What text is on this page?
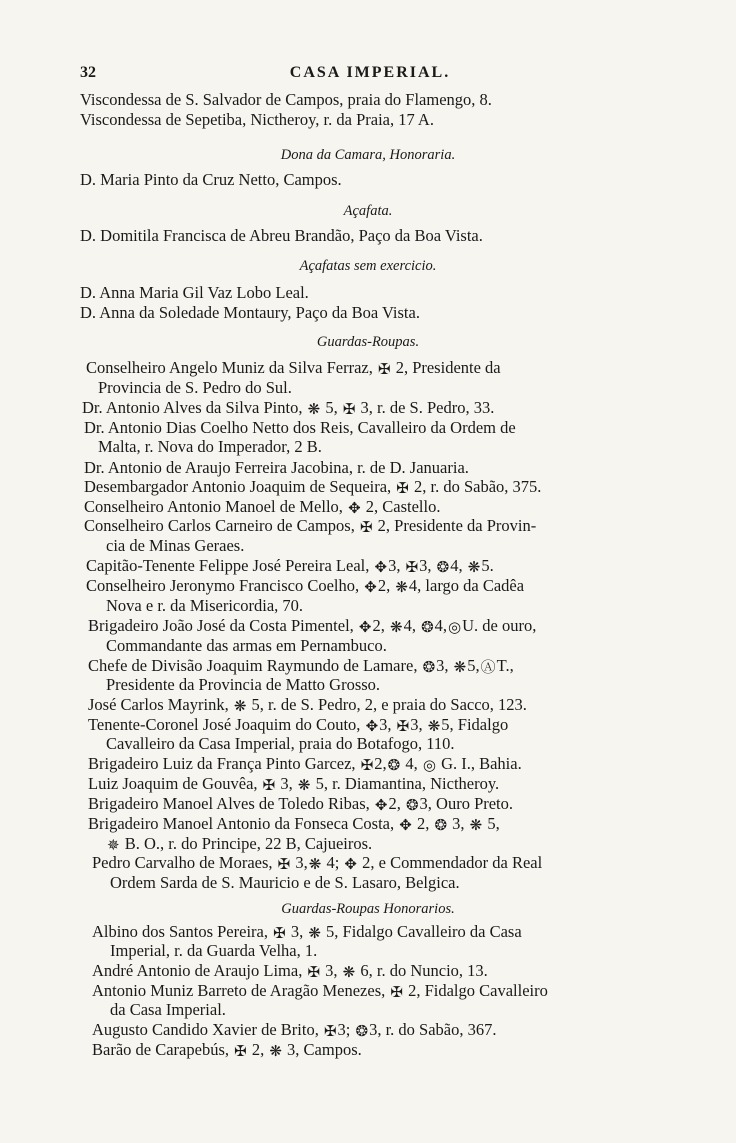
32	CASA IMPERIAL.
Viscondessa de S. Salvador de Campos, praia do Flamengo, 8.
Viscondessa de Sepetiba, Nictheroy, r. da Praia, 17 A.
Dona da Camara, Honoraria.
D. Maria Pinto da Cruz Netto, Campos.
Açafata.
D. Domitila Francisca de Abreu Brandão, Paço da Boa Vista.
Açafatas sem exercicio.
D. Anna Maria Gil Vaz Lobo Leal.
D. Anna da Soledade Montaury, Paço da Boa Vista.
Guardas-Roupas.
Conselheiro Angelo Muniz da Silva Ferraz, ✠ 2, Presidente da
Provincia de S. Pedro do Sul.
Dr. Antonio Alves da Silva Pinto, ❋ 5, ✠ 3, r. de S. Pedro, 33.
Dr. Antonio Dias Coelho Netto dos Reis, Cavalleiro da Ordem de
Malta, r. Nova do Imperador, 2 B.
Dr. Antonio de Araujo Ferreira Jacobina, r. de D. Januaria.
Desembargador Antonio Joaquim de Sequeira, ✠ 2, r. do Sabão, 375.
Conselheiro Antonio Manoel de Mello, ✥ 2, Castello.
Conselheiro Carlos Carneiro de Campos, ✠ 2, Presidente da Provin-
cia de Minas Geraes.
Capitão-Tenente Felippe José Pereira Leal, ✥3, ✠3, ❂4, ❋5.
Conselheiro Jeronymo Francisco Coelho, ✥2, ❋4, largo da Cadêa
Nova e r. da Misericordia, 70.
Brigadeiro João José da Costa Pimentel, ✥2, ❋4, ❂4,◎U. de ouro,
Commandante das armas em Pernambuco.
Chefe de Divisão Joaquim Raymundo de Lamare, ❂3, ❋5,ⒶT.,
Presidente da Provincia de Matto Grosso.
José Carlos Mayrink, ❋ 5, r. de S. Pedro, 2, e praia do Sacco, 123.
Tenente-Coronel José Joaquim do Couto, ✥3, ✠3, ❋5, Fidalgo
Cavalleiro da Casa Imperial, praia do Botafogo, 110.
Brigadeiro Luiz da França Pinto Garcez, ✠2,❂ 4, ◎ G. I., Bahia.
Luiz Joaquim de Gouvêa, ✠ 3, ❋ 5, r. Diamantina, Nictheroy.
Brigadeiro Manoel Alves de Toledo Ribas, ✥2, ❂3, Ouro Preto.
Brigadeiro Manoel Antonio da Fonseca Costa, ✥ 2, ❂ 3, ❋ 5,
✵ B. O., r. do Principe, 22 B, Cajueiros.
Pedro Carvalho de Moraes, ✠ 3,❋ 4; ✥ 2, e Commendador da Real
Ordem Sarda de S. Mauricio e de S. Lasaro, Belgica.
Guardas-Roupas Honorarios.
Albino dos Santos Pereira, ✠ 3, ❋ 5, Fidalgo Cavalleiro da Casa
Imperial, r. da Guarda Velha, 1.
André Antonio de Araujo Lima, ✠ 3, ❋ 6, r. do Nuncio, 13.
Antonio Muniz Barreto de Aragão Menezes, ✠ 2, Fidalgo Cavalleiro
da Casa Imperial.
Augusto Candido Xavier de Brito, ✠3; ❂3, r. do Sabão, 367.
Barão de Carapebús, ✠ 2, ❋ 3, Campos.
